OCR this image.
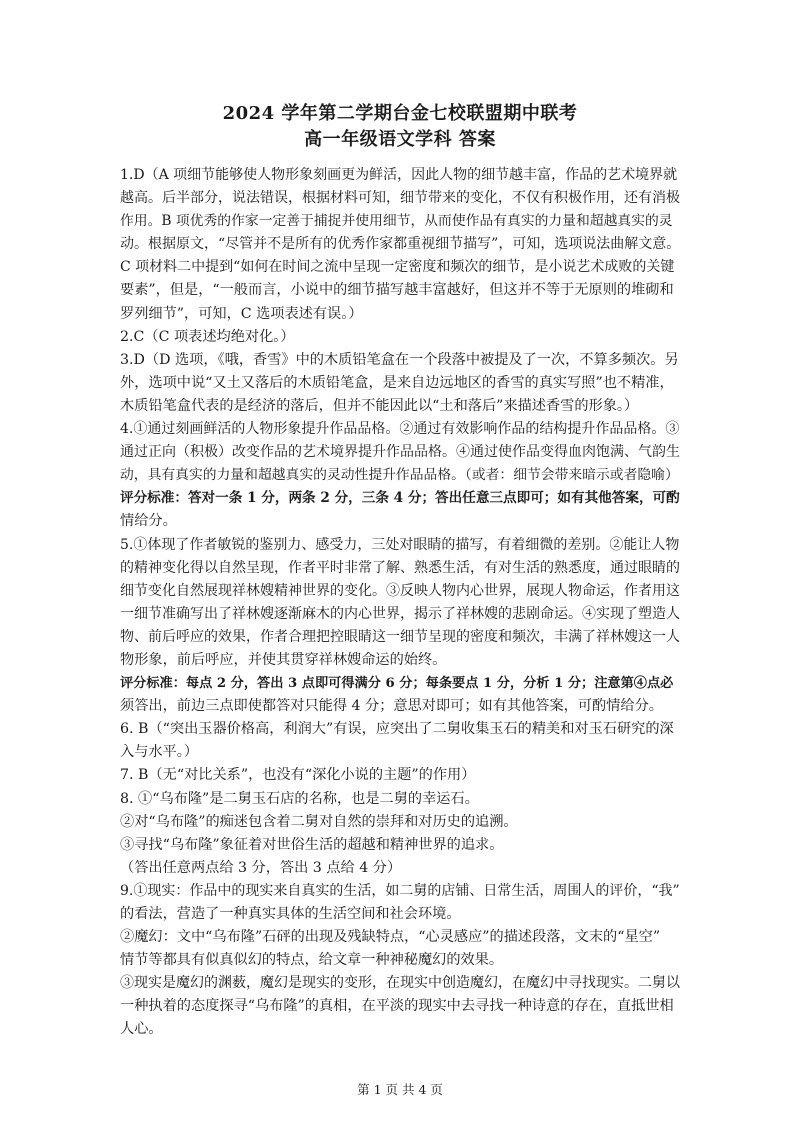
2024 学年第二学期台金七校联盟期中联考
高一年级语文学科 答案
1.D（A 项细节能够使人物形象刻画更为鲜活，因此人物的细节越丰富，作品的艺术境界就
越高。后半部分，说法错误，根据材料可知，细节带来的变化，不仅有积极作用，还有消极
作用。B 项优秀的作家一定善于捕捉并使用细节，从而使作品有真实的力量和超越真实的灵
动。根据原文，“尽管并不是所有的优秀作家都重视细节描写”，可知，选项说法曲解文意。
C 项材料二中提到“如何在时间之流中呈现一定密度和频次的细节，是小说艺术成败的关键
要素”，但是，“一般而言，小说中的细节描写越丰富越好，但这并不等于无原则的堆砌和
罗列细节”，可知，C 选项表述有误。）
2.C（C 项表述均绝对化。）
3.D（D 选项，《哦，香雪》中的木质铅笔盒在一个段落中被提及了一次，不算多频次。另
外，选项中说“又土又落后的木质铅笔盒，是来自边远地区的香雪的真实写照”也不精准，
木质铅笔盒代表的是经济的落后，但并不能因此以“土和落后”来描述香雪的形象。）
4.①通过刻画鲜活的人物形象提升作品品格。②通过有效影响作品的结构提升作品品格。③
通过正向（积极）改变作品的艺术境界提升作品品格。④通过使作品变得血肉饱满、气韵生
动，具有真实的力量和超越真实的灵动性提升作品品格。（或者：细节会带来暗示或者隐喻）
评分标准：答对一条 1 分，两条 2 分，三条 4 分；答出任意三点即可；如有其他答案，可酌
情给分。
5.①体现了作者敏锐的鉴别力、感受力，三处对眼睛的描写，有着细微的差别。②能让人物
的精神变化得以自然呈现，作者平时非常了解、熟悉生活，有对生活的熟悉度，通过眼睛的
细节变化自然展现祥林嫂精神世界的变化。③反映人物内心世界，展现人物命运，作者用这
一细节准确写出了祥林嫂逐渐麻木的内心世界，揭示了祥林嫂的悲剧命运。④实现了塑造人
物、前后呼应的效果，作者合理把控眼睛这一细节呈现的密度和频次，丰满了祥林嫂这一人
物形象，前后呼应，并使其贯穿祥林嫂命运的始终。
评分标准：每点 2 分，答出 3 点即可得满分 6 分；每条要点 1 分，分析 1 分；注意第④点必
须答出，前边三点即使都答对只能得 4 分；意思对即可；如有其他答案，可酌情给分。
6. B（“突出玉器价格高，利润大”有误，应突出了二舅收集玉石的精美和对玉石研究的深
入与水平。）
7. B（无“对比关系”，也没有“深化小说的主题”的作用）
8. ①“乌布隆”是二舅玉石店的名称，也是二舅的幸运石。
②对“乌布隆”的痴迷包含着二舅对自然的崇拜和对历史的追溯。
③寻找“乌布隆”象征着对世俗生活的超越和精神世界的追求。
（答出任意两点给 3 分，答出 3 点给 4 分）
9.①现实：作品中的现实来自真实的生活，如二舅的店铺、日常生活，周围人的评价，“我”
的看法，营造了一种真实具体的生活空间和社会环境。
②魔幻：文中“乌布隆”石砰的出现及残缺特点，“心灵感应”的描述段落，文末的“星空”
情节等都具有似真似幻的特点，给文章一种神秘魔幻的效果。
③现实是魔幻的渊薮，魔幻是现实的变形，在现实中创造魔幻，在魔幻中寻找现实。二舅以
一种执着的态度探寻“乌布隆”的真相，在平淡的现实中去寻找一种诗意的存在，直抵世相
人心。
第 1 页 共 4 页
